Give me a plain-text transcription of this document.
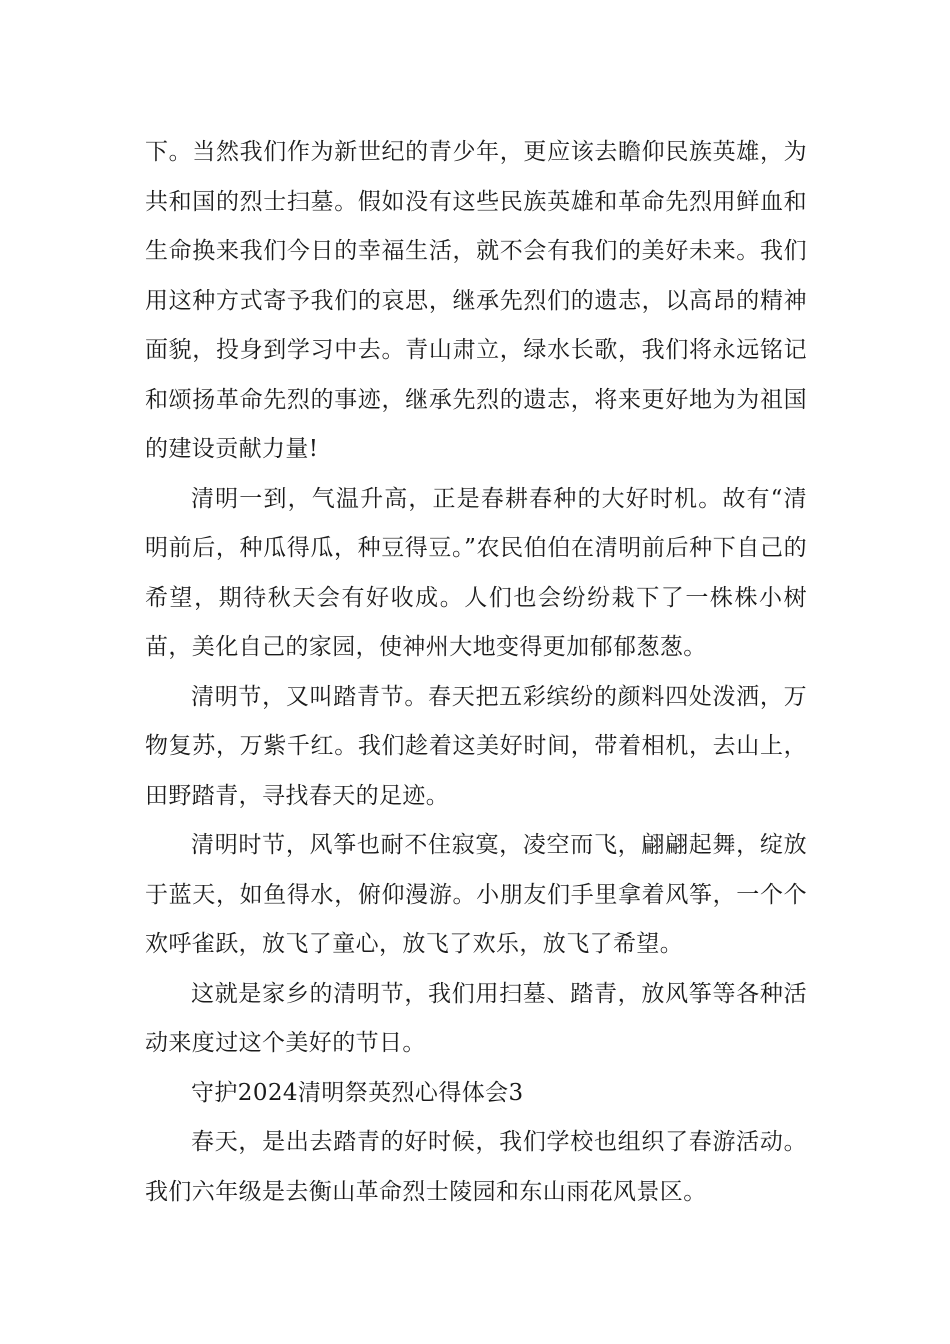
下。当然我们作为新世纪的青少年，更应该去瞻仰民族英雄，为共和国的烈士扫墓。假如没有这些民族英雄和革命先烈用鲜血和生命换来我们今日的幸福生活，就不会有我们的美好未来。我们用这种方式寄予我们的哀思，继承先烈们的遗志，以高昂的精神面貌，投身到学习中去。青山肃立，绿水长歌，我们将永远铭记和颂扬革命先烈的事迹，继承先烈的遗志，将来更好地为为祖国的建设贡献力量!

清明一到，气温升高，正是春耕春种的大好时机。故有“清明前后，种瓜得瓜，种豆得豆。”农民伯伯在清明前后种下自己的希望，期待秋天会有好收成。人们也会纷纷栽下了一株株小树苗，美化自己的家园，使神州大地变得更加郁郁葱葱。

清明节，又叫踏青节。春天把五彩缤纷的颜料四处泼洒，万物复苏，万紫千红。我们趁着这美好时间，带着相机，去山上，田野踏青，寻找春天的足迹。

清明时节，风筝也耐不住寂寞，凌空而飞，翩翩起舞，绽放于蓝天，如鱼得水，俯仰漫游。小朋友们手里拿着风筝，一个个欢呼雀跃，放飞了童心，放飞了欢乐，放飞了希望。

这就是家乡的清明节，我们用扫墓、踏青，放风筝等各种活动来度过这个美好的节日。

守护2024清明祭英烈心得体会3

春天，是出去踏青的好时候，我们学校也组织了春游活动。我们六年级是去衡山革命烈士陵园和东山雨花风景区。
